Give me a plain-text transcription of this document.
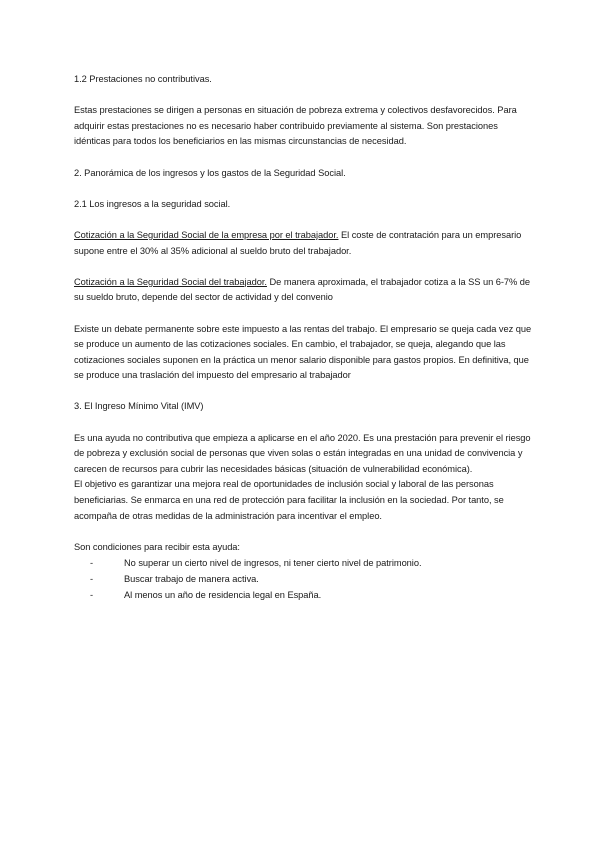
1.2 Prestaciones no contributivas.

Estas prestaciones se dirigen a personas en situación de pobreza extrema y colectivos desfavorecidos. Para adquirir estas prestaciones no es necesario haber contribuido previamente al sistema. Son prestaciones idénticas para todos los beneficiarios en las mismas circunstancias de necesidad.

2. Panorámica de los ingresos y los gastos de la Seguridad Social.

2.1 Los ingresos a la seguridad social.

Cotización a la Seguridad Social de la empresa por el trabajador. El coste de contratación para un empresario supone entre el 30% al 35% adicional al sueldo bruto del trabajador.

Cotización a la Seguridad Social del trabajador. De manera aproximada, el trabajador cotiza a la SS un 6-7% de su sueldo bruto, depende del sector de actividad y del convenio

Existe un debate permanente sobre este impuesto a las rentas del trabajo. El empresario se queja cada vez que se produce un aumento de las cotizaciones sociales. En cambio, el trabajador, se queja, alegando que las cotizaciones sociales suponen en la práctica un menor salario disponible para gastos propios. En definitiva, que se produce una traslación del impuesto del empresario al trabajador

3. El Ingreso Mínimo Vital (IMV)

Es una ayuda no contributiva que empieza a aplicarse en el año 2020. Es una prestación para prevenir el riesgo de pobreza y exclusión social de personas que viven solas o están integradas en una unidad de convivencia y carecen de recursos para cubrir las necesidades básicas (situación de vulnerabilidad económica).

El objetivo es garantizar una mejora real de oportunidades de inclusión social y laboral de las personas beneficiarias. Se enmarca en una red de protección para facilitar la inclusión en la sociedad. Por tanto, se acompaña de otras medidas de la administración para incentivar el empleo.

Son condiciones para recibir esta ayuda:

-	No superar un cierto nivel de ingresos, ni tener cierto nivel de patrimonio.
-	Buscar trabajo de manera activa.
-	Al menos un año de residencia legal en España.
